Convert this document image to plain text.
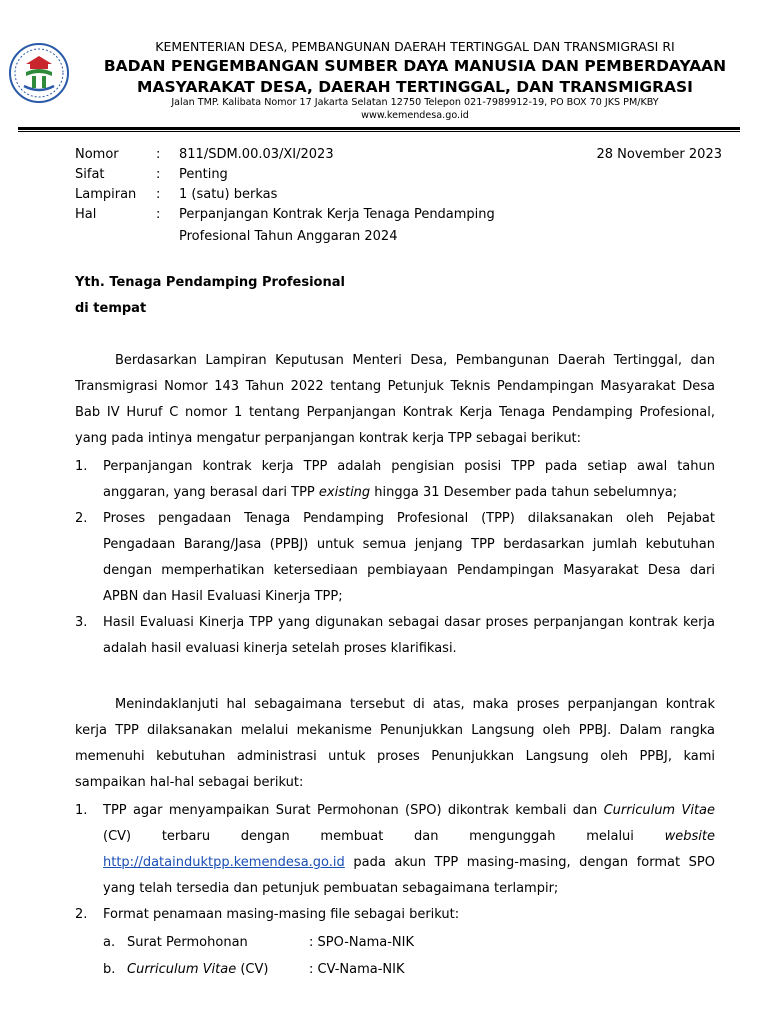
KEMENTERIAN DESA, PEMBANGUNAN DAERAH TERTINGGAL DAN TRANSMIGRASI RI
BADAN PENGEMBANGAN SUMBER DAYA MANUSIA DAN PEMBERDAYAAN
MASYARAKAT DESA, DAERAH TERTINGGAL, DAN TRANSMIGRASI
Jalan TMP. Kalibata Nomor 17 Jakarta Selatan 12750 Telepon 021-7989912-19, PO BOX 70 JKS PM/KBY
www.kemendesa.go.id
Nomor	: 811/SDM.00.03/XI/2023	28 November 2023
Sifat	: Penting
Lampiran : 1 (satu) berkas
Hal	: Perpanjangan Kontrak Kerja Tenaga Pendamping
Profesional Tahun Anggaran 2024
Yth. Tenaga Pendamping Profesional
di tempat

Berdasarkan Lampiran Keputusan Menteri Desa, Pembangunan Daerah Tertinggal, dan Transmigrasi Nomor 143 Tahun 2022 tentang Petunjuk Teknis Pendampingan Masyarakat Desa Bab IV Huruf C nomor 1 tentang Perpanjangan Kontrak Kerja Tenaga Pendamping Profesional, yang pada intinya mengatur perpanjangan kontrak kerja TPP sebagai berikut:

1. Perpanjangan kontrak kerja TPP adalah pengisian posisi TPP pada setiap awal tahun anggaran, yang berasal dari TPP existing hingga 31 Desember pada tahun sebelumnya;
2. Proses pengadaan Tenaga Pendamping Profesional (TPP) dilaksanakan oleh Pejabat Pengadaan Barang/Jasa (PPBJ) untuk semua jenjang TPP berdasarkan jumlah kebutuhan dengan memperhatikan ketersediaan pembiayaan Pendampingan Masyarakat Desa dari APBN dan Hasil Evaluasi Kinerja TPP;
3. Hasil Evaluasi Kinerja TPP yang digunakan sebagai dasar proses perpanjangan kontrak kerja adalah hasil evaluasi kinerja setelah proses klarifikasi.

Menindaklanjuti hal sebagaimana tersebut di atas, maka proses perpanjangan kontrak kerja TPP dilaksanakan melalui mekanisme Penunjukkan Langsung oleh PPBJ. Dalam rangka memenuhi kebutuhan administrasi untuk proses Penunjukkan Langsung oleh PPBJ, kami sampaikan hal-hal sebagai berikut:

1. TPP agar menyampaikan Surat Permohonan (SPO) dikontrak kembali dan Curriculum Vitae (CV) terbaru dengan membuat dan mengunggah melalui website http://datainduktpp.kemendesa.go.id pada akun TPP masing-masing, dengan format SPO yang telah tersedia dan petunjuk pembuatan sebagaimana terlampir;
2. Format penamaan masing-masing file sebagai berikut:
a. Surat Permohonan	: SPO-Nama-NIK
b. Curriculum Vitae (CV)	: CV-Nama-NIK
